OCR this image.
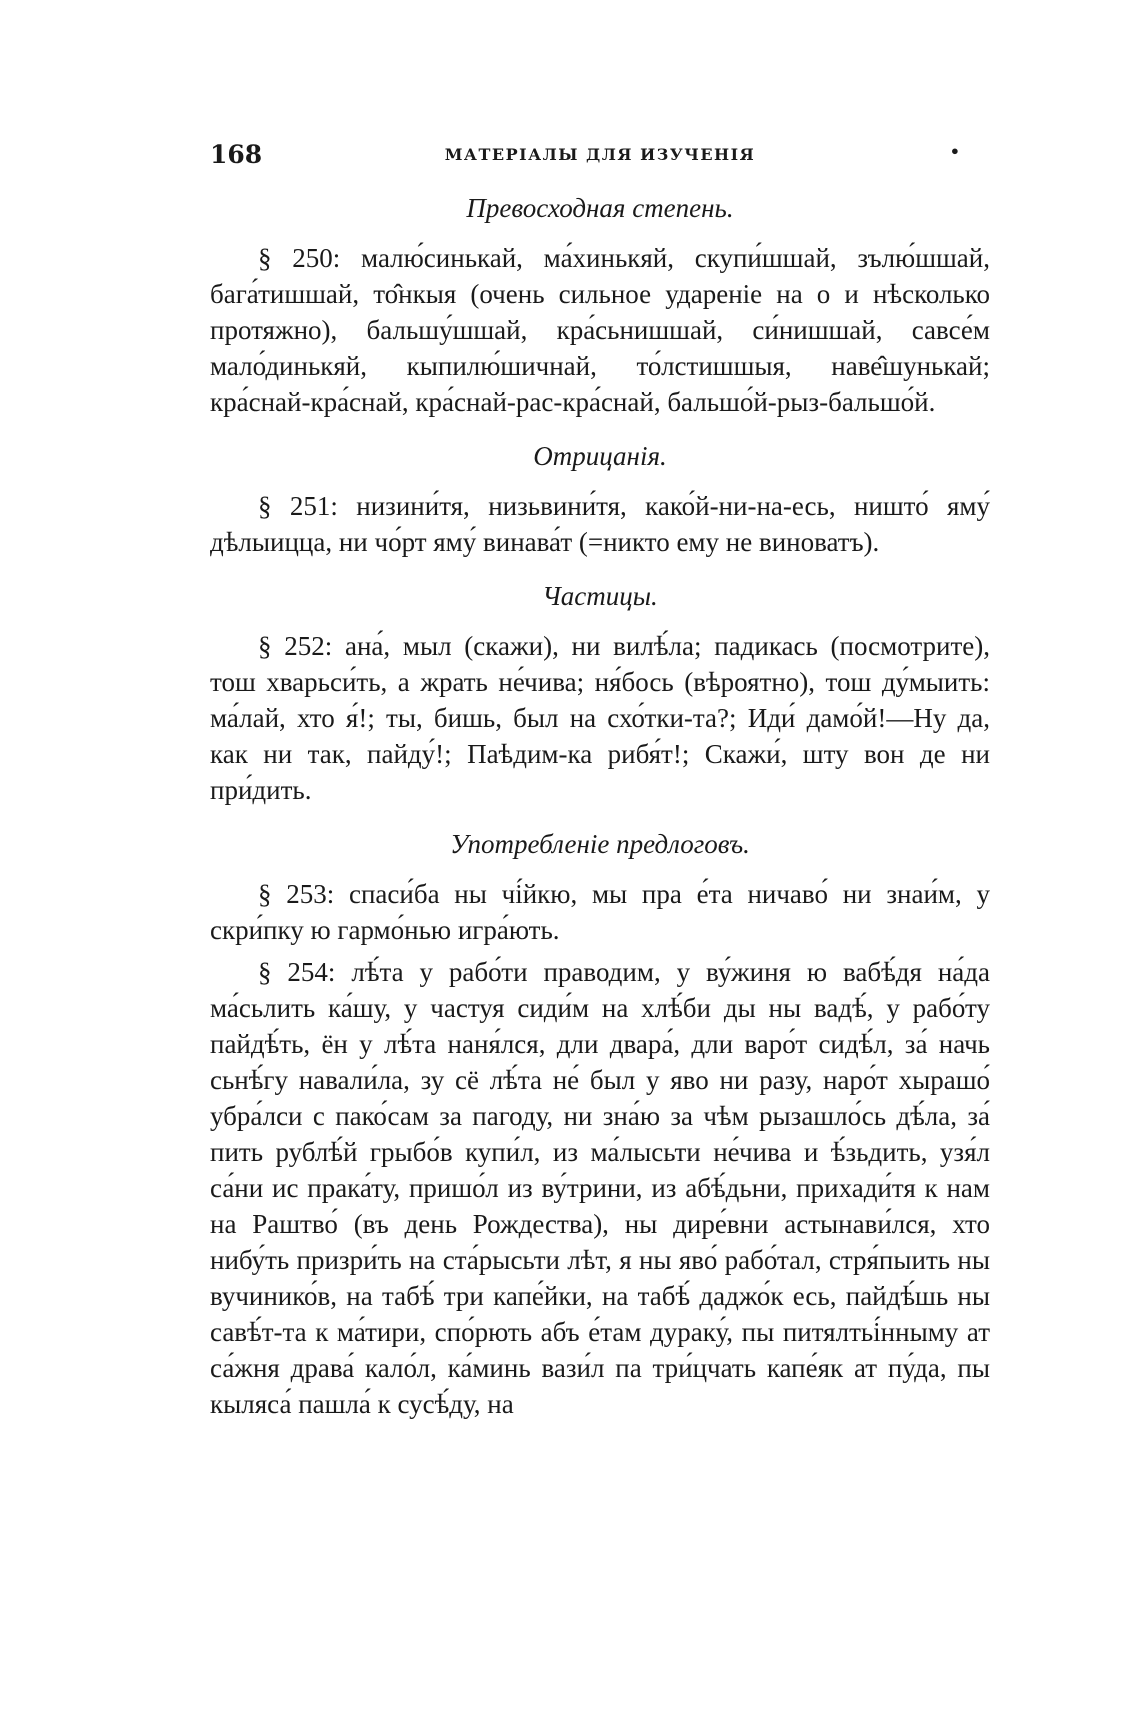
168	МАТЕРІАЛЫ ДЛЯ ИЗУЧЕНІЯ	•

Превосходная степень.

§ 250: малю́синькай, ма́хинькяй, скупи́шшай, зълю́шшай, бага́тишшай, то̂нкыя (очень сильное удареніе на о и нѣсколько протяжно), бальшу́шшай, кра́сьнишшай, си́нишшай, савсе́м мало́динькяй, кыпилю́шичнай, то́лстишшыя, наве̂шунькай; кра́снай-кра́снай, кра́снай-рас-кра́снай, бальшо́й-рыз-бальшо́й.

Отрицанія.

§ 251: низини́тя, низьвини́тя, како́й-ни-на-есь, ништо́ яму́ дѣлыицца, ни чо́рт яму́ винава́т (=никто ему не виноватъ).

Частицы.

§ 252: ана́, мыл (скажи), ни вилѣ́ла; падикась (посмотрите), тош хварьси́ть, а жрать не́чива; ня́бось (вѣроятно), тош ду́мыить: ма́лай, хто я́!; ты, бишь, был на схо́тки-та?; Иди́ дамо́й!—Ну да, как ни так, пайду́!; Паѣдим-ка рибя́т!; Скажи́, шту вон де ни при́дить.

Употребленіе предлоговъ.

§ 253: спаси́ба ны чі́йкю, мы пра е́та ничаво́ ни знаи́м, у скри́пку ю гармо́нью игра́ють.

§ 254: лѣ́та у рабо́ти праводим, у ву́жиня ю вабѣ́дя на́да ма́сьлить ка́шу, у частуя сиди́м на хлѣ́би ды ны вадѣ́, у рабо́ту пайдѣ́ть, ён у лѣ́та наня́лся, дли двара́, дли варо́т сидѣ́л, за́ начь сьнѣ́гу навали́ла, зу сё лѣ́та не́ был у яво ни разу, наро́т хырашо́ убра́лси с пако́сам за пагоду, ни зна́ю за чѣм рызашло́сь дѣ́ла, за́ пить рублѣ́й грыбо́в купи́л, из ма́лысьти не́чива и ѣ́зьдить, узя́л са́ни ис прака́ту, пришо́л из ву́трини, из абѣ́дьни, прихади́тя к нам на Раштво́ (въ день Рождества), ны дире́вни астынави́лся, хто нибу́ть призри́ть на ста́рысьти лѣт, я ны яво́ рабо́тал, стря́пыить ны вучинико́в, на табѣ́ три капе́йки, на табѣ́ даджо́к есь, пайдѣ́шь ны савѣ́т-та к ма́тири, спо́рють абъ е́там дураку́, пы питялтьі́нныму ат са́жня драва́ кало́л, ка́минь вази́л па три́цчать капе́як ат пу́да, пы кыляса́ пашла́ к сусѣ́ду, на
